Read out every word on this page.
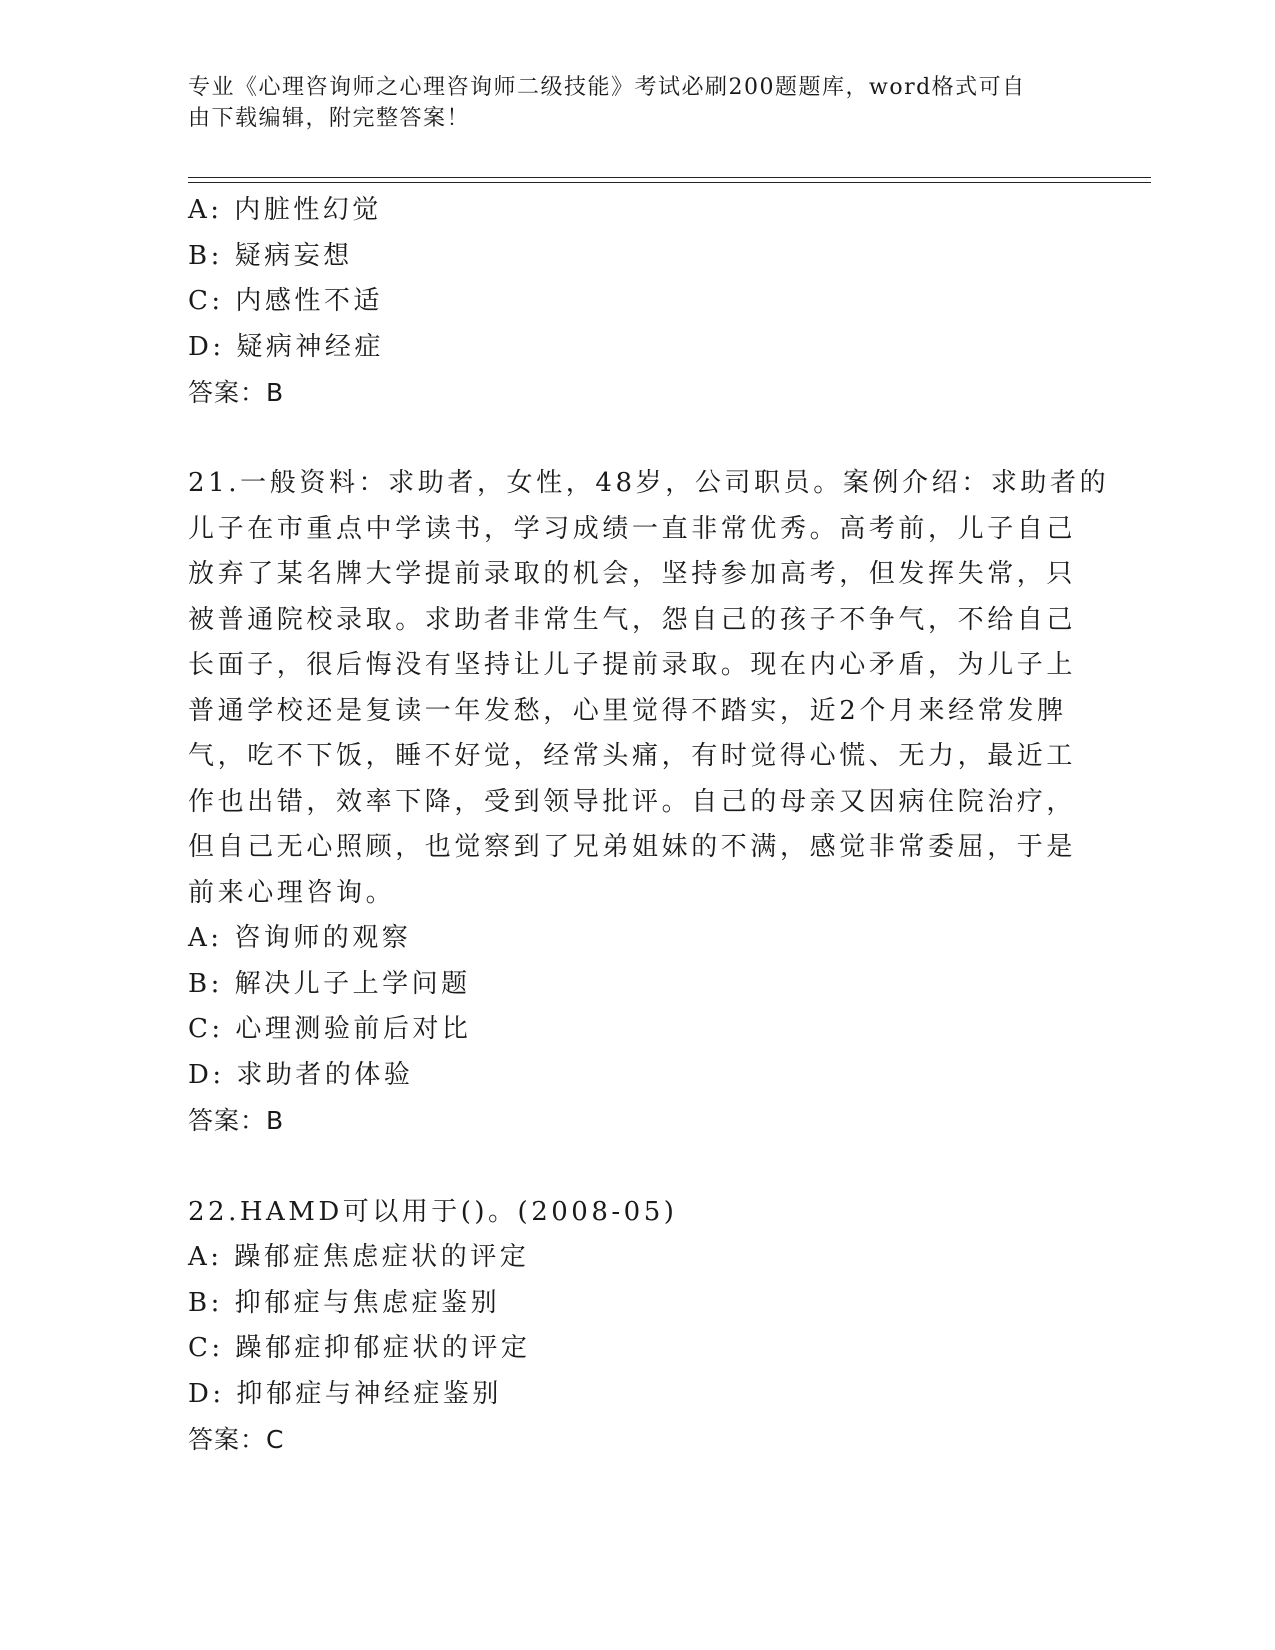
专业《心理咨询师之心理咨询师二级技能》考试必刷200题题库，word格式可自
由下载编辑，附完整答案！
A: 内脏性幻觉
B: 疑病妄想
C: 内感性不适
D: 疑病神经症
答案：B
21.一般资料：求助者，女性，48岁，公司职员。案例介绍：求助者的
儿子在市重点中学读书，学习成绩一直非常优秀。高考前，儿子自己
放弃了某名牌大学提前录取的机会，坚持参加高考，但发挥失常，只
被普通院校录取。求助者非常生气，怨自己的孩子不争气，不给自己
长面子，很后悔没有坚持让儿子提前录取。现在内心矛盾，为儿子上
普通学校还是复读一年发愁，心里觉得不踏实，近2个月来经常发脾
气，吃不下饭，睡不好觉，经常头痛，有时觉得心慌、无力，最近工
作也出错，效率下降，受到领导批评。自己的母亲又因病住院治疗，
但自己无心照顾，也觉察到了兄弟姐妹的不满，感觉非常委屈，于是
前来心理咨询。
A: 咨询师的观察
B: 解决儿子上学问题
C: 心理测验前后对比
D: 求助者的体验
答案：B
22.HAMD可以用于()。(2008-05)
A: 躁郁症焦虑症状的评定
B: 抑郁症与焦虑症鉴别
C: 躁郁症抑郁症状的评定
D: 抑郁症与神经症鉴别
答案：C
